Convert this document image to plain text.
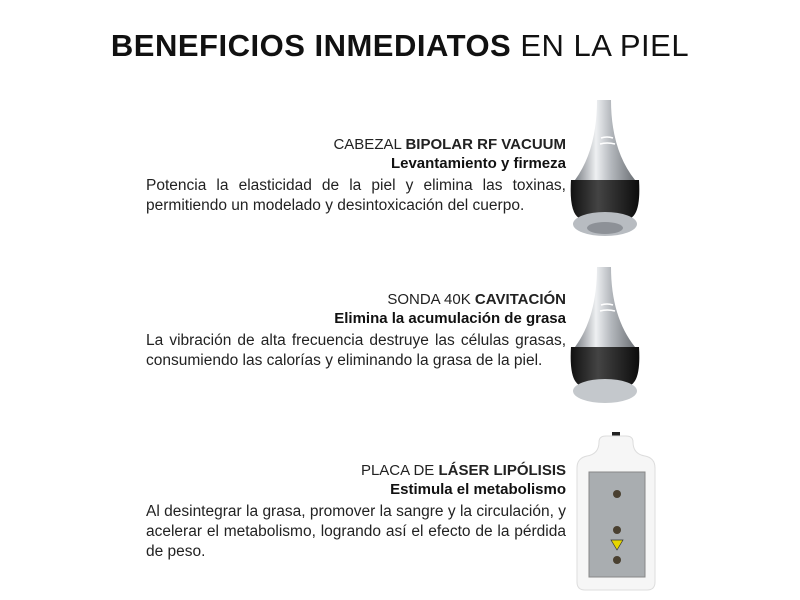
BENEFICIOS INMEDIATOS EN LA PIEL
CABEZAL BIPOLAR RF VACUUM
Levantamiento y firmeza
Potencia la elasticidad de la piel y elimina las toxinas, permitiendo un modelado y desintoxicación del cuerpo.
SONDA 40K CAVITACIÓN
Elimina la acumulación de grasa
La vibración de alta frecuencia destruye las células grasas, consumiendo las calorías y eliminando la grasa de la piel.
PLACA DE LÁSER LIPÓLISIS
Estimula el metabolismo
Al desintegrar la grasa, promover la sangre y la circulación, y acelerar el metabolismo, logrando así el efecto de la pérdida de peso.
